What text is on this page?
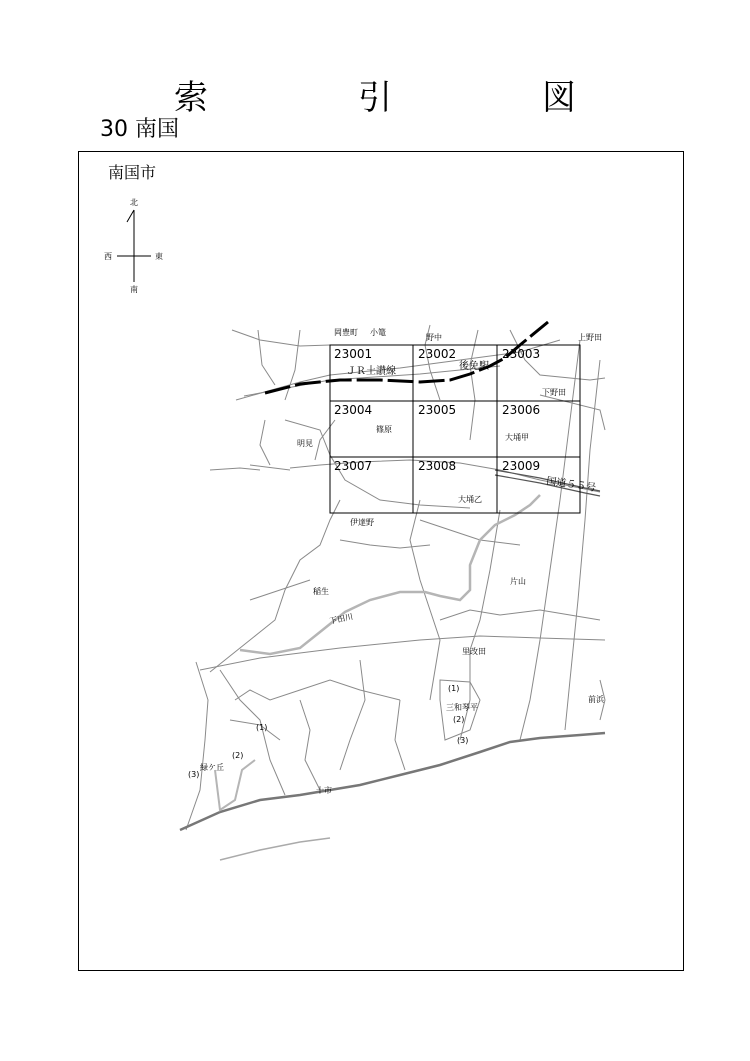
索　引　図
30 南国
南国市
北
南
東
西
23001	23002	23003
23004	23005	23006
23007	23008	23009
岡豊町 小篭
野中	上野田
後免駅
ＪＲ土讃線
下野田
篠原
明見
大埇甲
国道５５号
大埇乙
伊達野
稲生
片山
下田川
里改田
前浜
(1)
三和琴平
(2)
(3)
(1)
(2)
緑ケ丘
(3)
十市
